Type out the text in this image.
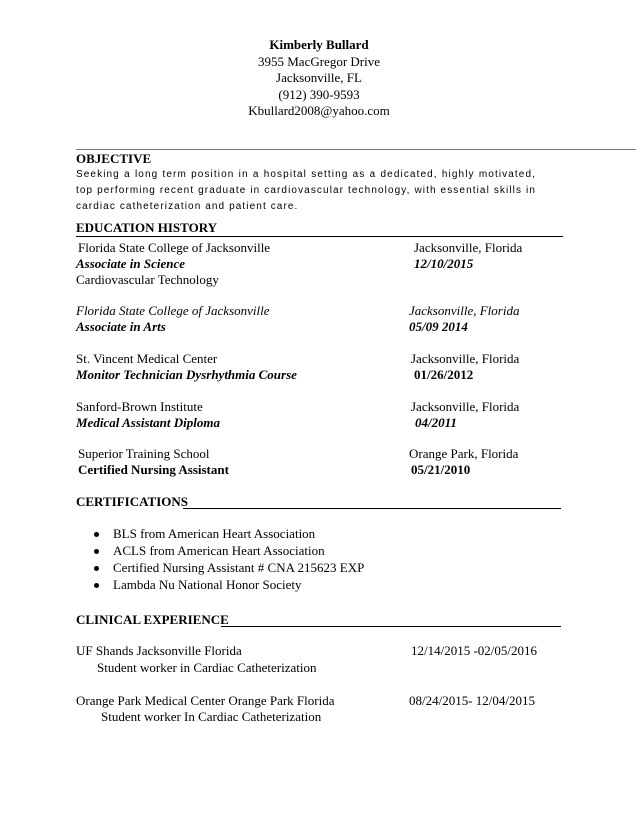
Kimberly Bullard
3955 MacGregor Drive
Jacksonville, FL
(912) 390-9593
Kbullard2008@yahoo.com
OBJECTIVE
Seeking a long term position in a hospital setting as a dedicated, highly motivated, top performing recent graduate in cardiovascular technology, with essential skills in cardiac catheterization and patient care.
EDUCATION HISTORY
Florida State College of Jacksonville	Jacksonville, Florida
Associate in Science	12/10/2015
Cardiovascular Technology
Florida State College of Jacksonville	Jacksonville, Florida
Associate in Arts	05/09 2014
St. Vincent Medical Center	Jacksonville, Florida
Monitor Technician Dysrhythmia Course	01/26/2012
Sanford-Brown Institute	Jacksonville, Florida
Medical Assistant Diploma	04/2011
Superior Training School	Orange Park, Florida
Certified Nursing Assistant	05/21/2010
CERTIFICATIONS
BLS from American Heart Association
ACLS from American Heart Association
Certified Nursing Assistant # CNA 215623 EXP
Lambda Nu National Honor Society
CLINICAL EXPERIENCE
UF Shands Jacksonville Florida	12/14/2015 -02/05/2016
Student worker in Cardiac Catheterization
Orange Park Medical Center Orange Park Florida	08/24/2015- 12/04/2015
Student worker In Cardiac Catheterization
